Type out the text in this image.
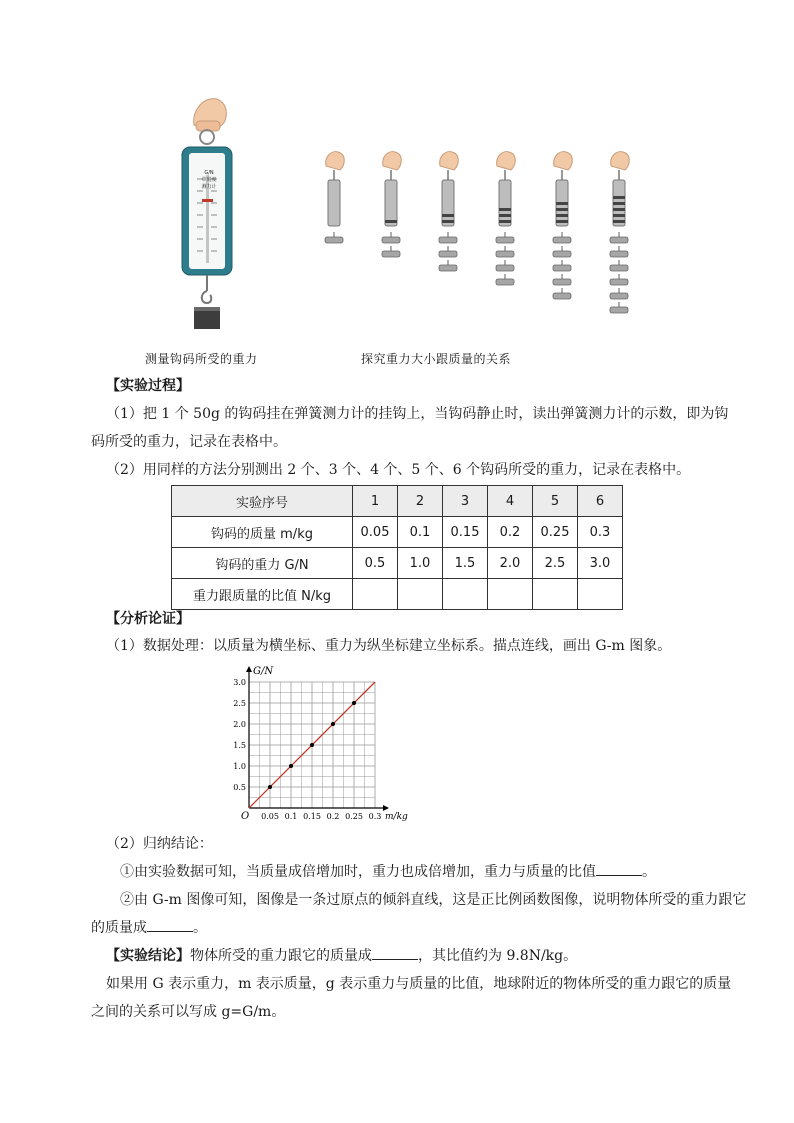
G/N
单刻度
测力计
测量钩码所受的重力	探究重力大小跟质量的关系
【实验过程】
（1）把 1 个 50g 的钩码挂在弹簧测力计的挂钩上，当钩码静止时，读出弹簧测力计的示数，即为钩
码所受的重力，记录在表格中。
（2）用同样的方法分别测出 2 个、3 个、4 个、5 个、6 个钩码所受的重力，记录在表格中。
实验序号	1	2	3	4	5	6
钩码的质量 m/kg	0.05	0.1	0.15	0.2	0.25	0.3
钩码的重力 G/N	0.5	1.0	1.5	2.0	2.5	3.0
重力跟质量的比值 N/kg						
【分析论证】
（1）数据处理：以质量为横坐标、重力为纵坐标建立坐标系。描点连线，画出 G-m 图象。
G/N
m/kg
O 0.05 0.1 0.15 0.2 0.25 0.3
0.5
1.0
1.5
2.0
2.5
3.0
（2）归纳结论：
①由实验数据可知，当质量成倍增加时，重力也成倍增加，重力与质量的比值	。
②由 G-m 图像可知，图像是一条过原点的倾斜直线，这是正比例函数图像，说明物体所受的重力跟它
的质量成	。
【实验结论】物体所受的重力跟它的质量成	，其比值约为 9.8N/kg。
如果用 G 表示重力，m 表示质量，g 表示重力与质量的比值，地球附近的物体所受的重力跟它的质量
之间的关系可以写成 g=G/m。
